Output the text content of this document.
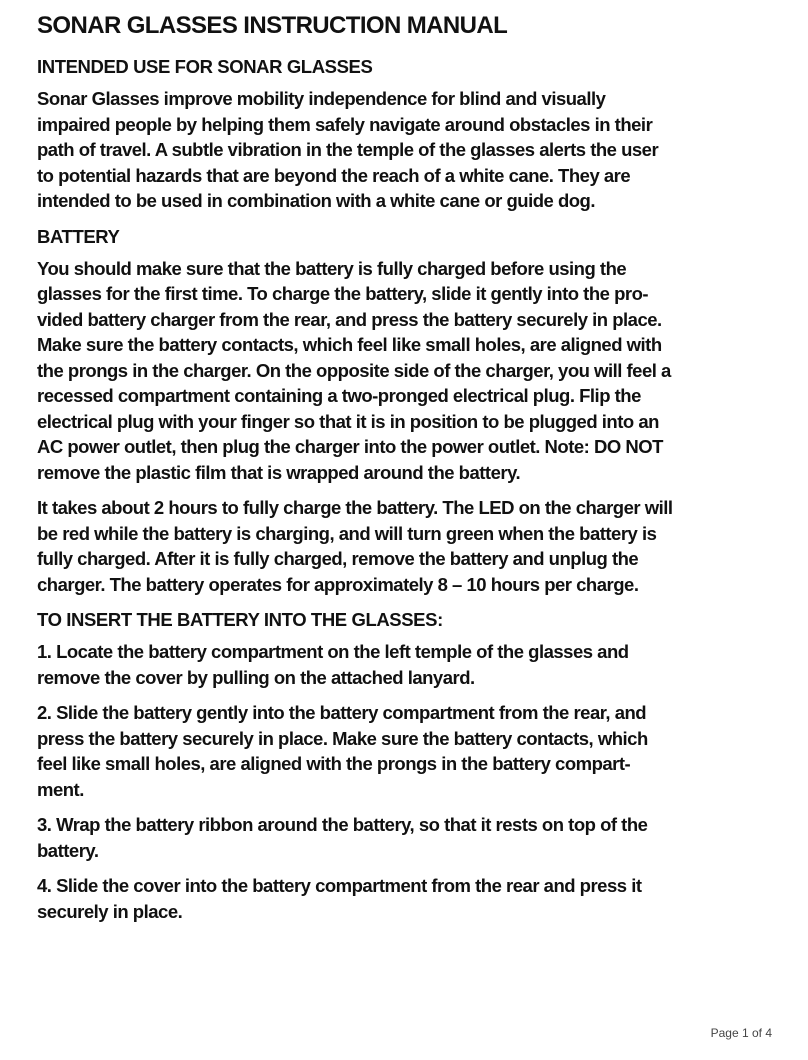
SONAR GLASSES INSTRUCTION MANUAL
INTENDED USE FOR SONAR GLASSES

Sonar Glasses improve mobility independence for blind and visually
impaired people by helping them safely navigate around obstacles in their
path of travel. A subtle vibration in the temple of the glasses alerts the user
to potential hazards that are beyond the reach of a white cane. They are
intended to be used in combination with a white cane or guide dog.

BATTERY

You should make sure that the battery is fully charged before using the
glasses for the first time. To charge the battery, slide it gently into the pro-
vided battery charger from the rear, and press the battery securely in place.
Make sure the battery contacts, which feel like small holes, are aligned with
the prongs in the charger. On the opposite side of the charger, you will feel a
recessed compartment containing a two-pronged electrical plug. Flip the
electrical plug with your finger so that it is in position to be plugged into an
AC power outlet, then plug the charger into the power outlet. Note: DO NOT
remove the plastic film that is wrapped around the battery.

It takes about 2 hours to fully charge the battery. The LED on the charger will
be red while the battery is charging, and will turn green when the battery is
fully charged. After it is fully charged, remove the battery and unplug the
charger. The battery operates for approximately 8 – 10 hours per charge.

TO INSERT THE BATTERY INTO THE GLASSES:

1. Locate the battery compartment on the left temple of the glasses and
remove the cover by pulling on the attached lanyard.

2. Slide the battery gently into the battery compartment from the rear, and
press the battery securely in place. Make sure the battery contacts, which
feel like small holes, are aligned with the prongs in the battery compart-
ment.

3. Wrap the battery ribbon around the battery, so that it rests on top of the
battery.

4. Slide the cover into the battery compartment from the rear and press it
securely in place.

Page 1 of 4
